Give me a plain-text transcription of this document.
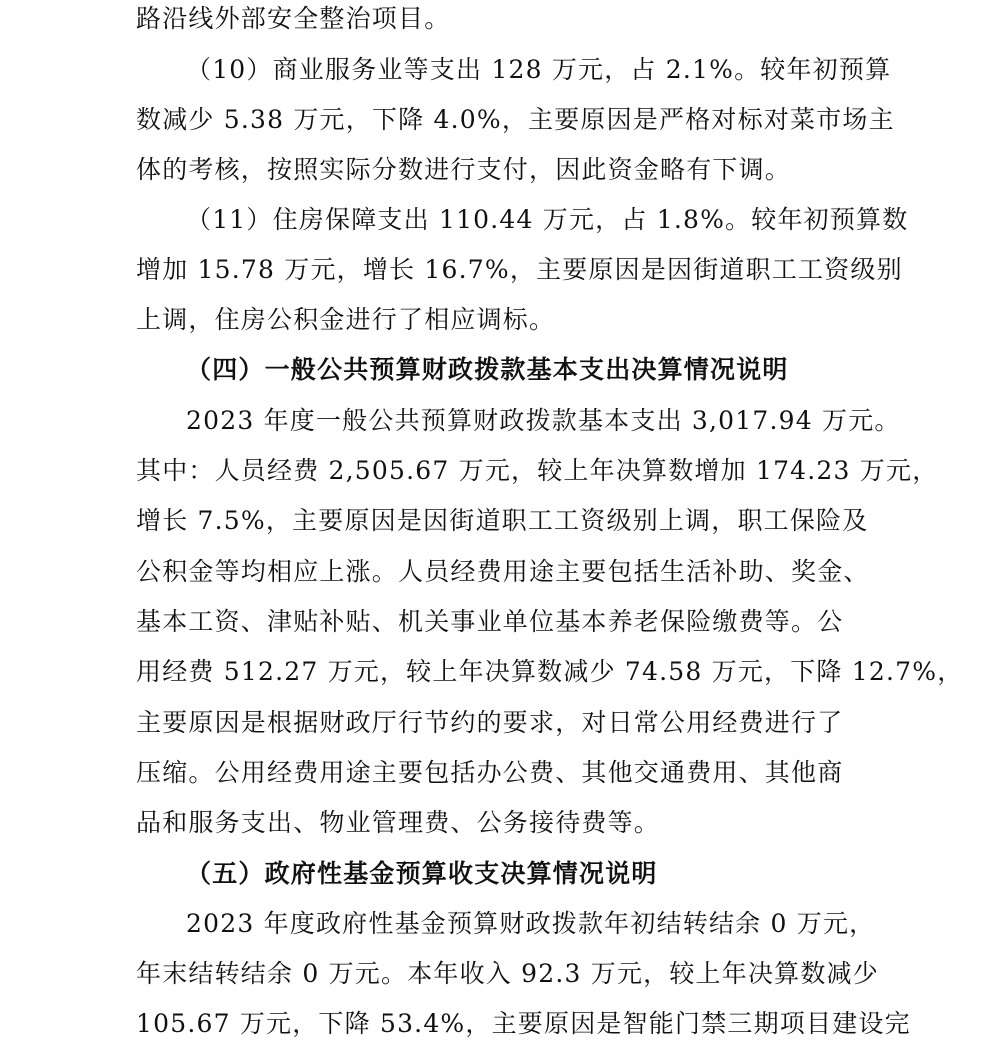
路沿线外部安全整治项目。
（10）商业服务业等支出 128 万元，占 2.1%。较年初预算
数减少 5.38 万元，下降 4.0%，主要原因是严格对标对菜市场主
体的考核，按照实际分数进行支付，因此资金略有下调。
（11）住房保障支出 110.44 万元，占 1.8%。较年初预算数
增加 15.78 万元，增长 16.7%，主要原因是因街道职工工资级别
上调，住房公积金进行了相应调标。
（四）一般公共预算财政拨款基本支出决算情况说明
2023 年度一般公共预算财政拨款基本支出 3,017.94 万元。
其中：人员经费 2,505.67 万元，较上年决算数增加 174.23 万元，
增长 7.5%，主要原因是因街道职工工资级别上调，职工保险及
公积金等均相应上涨。人员经费用途主要包括生活补助、奖金、
基本工资、津贴补贴、机关事业单位基本养老保险缴费等。公
用经费 512.27 万元，较上年决算数减少 74.58 万元，下降 12.7%，
主要原因是根据财政厅行节约的要求，对日常公用经费进行了
压缩。公用经费用途主要包括办公费、其他交通费用、其他商
品和服务支出、物业管理费、公务接待费等。
（五）政府性基金预算收支决算情况说明
2023 年度政府性基金预算财政拨款年初结转结余 0 万元，
年末结转结余 0 万元。本年收入 92.3 万元，较上年决算数减少
105.67 万元，下降 53.4%，主要原因是智能门禁三期项目建设完
